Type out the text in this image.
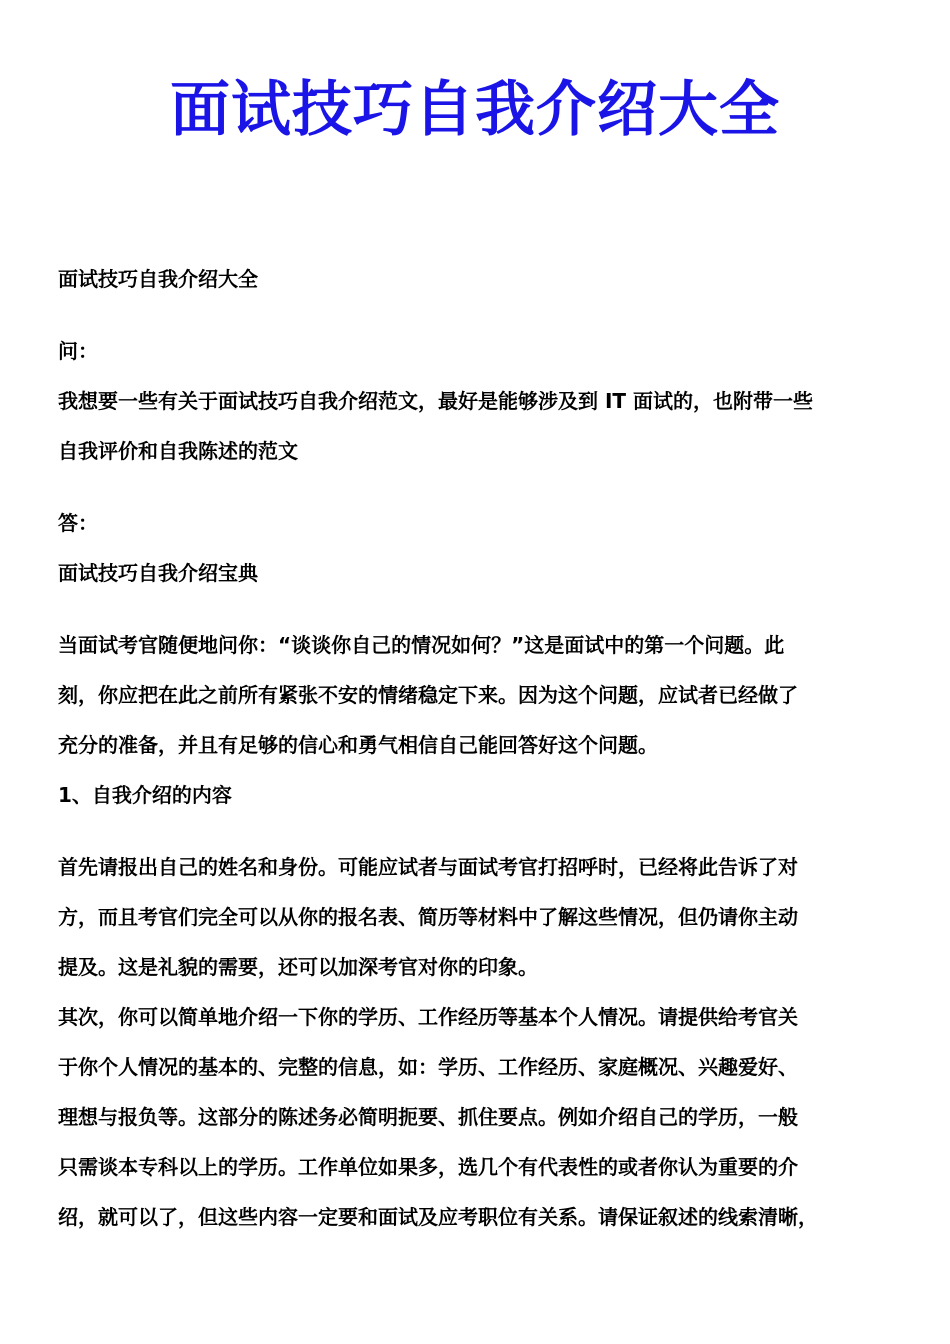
面试技巧自我介绍大全

面试技巧自我介绍大全

问：

我想要一些有关于面试技巧自我介绍范文，最好是能够涉及到 IT 面试的，也附带一些

自我评价和自我陈述的范文

答：

面试技巧自我介绍宝典

当面试考官随便地问你：“谈谈你自己的情况如何？”这是面试中的第一个问题。此

刻，你应把在此之前所有紧张不安的情绪稳定下来。因为这个问题，应试者已经做了

充分的准备，并且有足够的信心和勇气相信自己能回答好这个问题。

1、自我介绍的内容

首先请报出自己的姓名和身份。可能应试者与面试考官打招呼时，已经将此告诉了对

方，而且考官们完全可以从你的报名表、简历等材料中了解这些情况，但仍请你主动

提及。这是礼貌的需要，还可以加深考官对你的印象。

其次，你可以简单地介绍一下你的学历、工作经历等基本个人情况。请提供给考官关

于你个人情况的基本的、完整的信息，如：学历、工作经历、家庭概况、兴趣爱好、

理想与报负等。这部分的陈述务必简明扼要、抓住要点。例如介绍自己的学历，一般

只需谈本专科以上的学历。工作单位如果多，选几个有代表性的或者你认为重要的介

绍，就可以了，但这些内容一定要和面试及应考职位有关系。请保证叙述的线索清晰，
